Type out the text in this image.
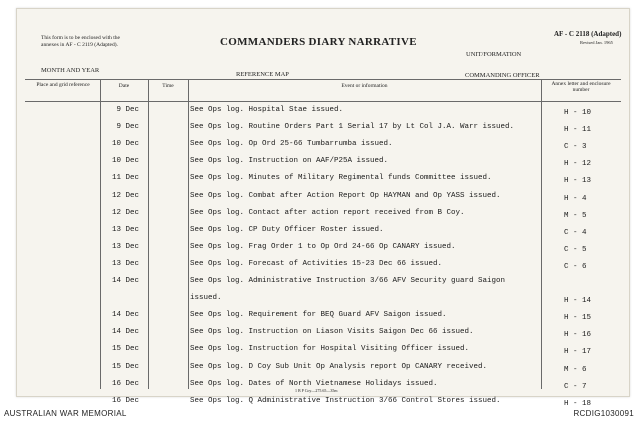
This form is to be enclosed with the
annexes in AF - C 2119 (Adapted).	COMMANDERS DIARY NARRATIVE
AF - C 2118 (Adapted)
Revised Jan. 1965
UNIT/FORMATION
MONTH AND YEAR
REFERENCE MAP	COMMANDING OFFICER
Place and grid reference	Date	Time	Event or information	Annex letter and enclosure number
9 Dec	See Ops log. Hospital Stae issued.	H - 10
9 Dec	See Ops log. Routine Orders Part 1 Serial 17 by Lt Col J.A. Warr issued.	H - 11
10 Dec	See Ops log. Op Ord 25-66 Tumbarrumba issued.	C - 3
10 Dec	See Ops log. Instruction on AAF/P25A issued.	H - 12
11 Dec	See Ops log. Minutes of Military Regimental funds Committee issued.	H - 13
12 Dec	See Ops log. Combat after Action Report Op HAYMAN and Op YASS issued.	H - 4
12 Dec	See Ops log. Contact after action report received from B Coy.	M - 5
13 Dec	See Ops log. CP Duty Officer Roster issued.	C - 4
13 Dec	See Ops log. Frag Order 1 to Op Ord 24-66 Op CANARY issued.	C - 5
13 Dec	See Ops log. Forecast of Activities 15-23 Dec 66 issued.	C - 6
14 Dec	See Ops log. Administrative Instruction 3/66 AFV Security guard Saigon
issued.	H - 14
14 Dec	See Ops log. Requirement for BEQ Guard AFV Saigon issued.	H - 15
14 Dec	See Ops log. Instruction on Liason Visits Saigon Dec 66 issued.	H - 16
15 Dec	See Ops log. Instruction for Hospital Visiting Officer issued.	H - 17
15 Dec	See Ops log. D Coy Sub Unit Op Analysis report Op CANARY received.	M - 6
16 Dec	See Ops log. Dates of North Vietnamese Holidays issued.	C - 7
16 Dec	See Ops log. Q Administrative Instruction 3/66 Control Stores issued.	H - 18
1 B P Coy—275.65—35m
AUSTRALIAN WAR MEMORIAL	RCDIG1030091
